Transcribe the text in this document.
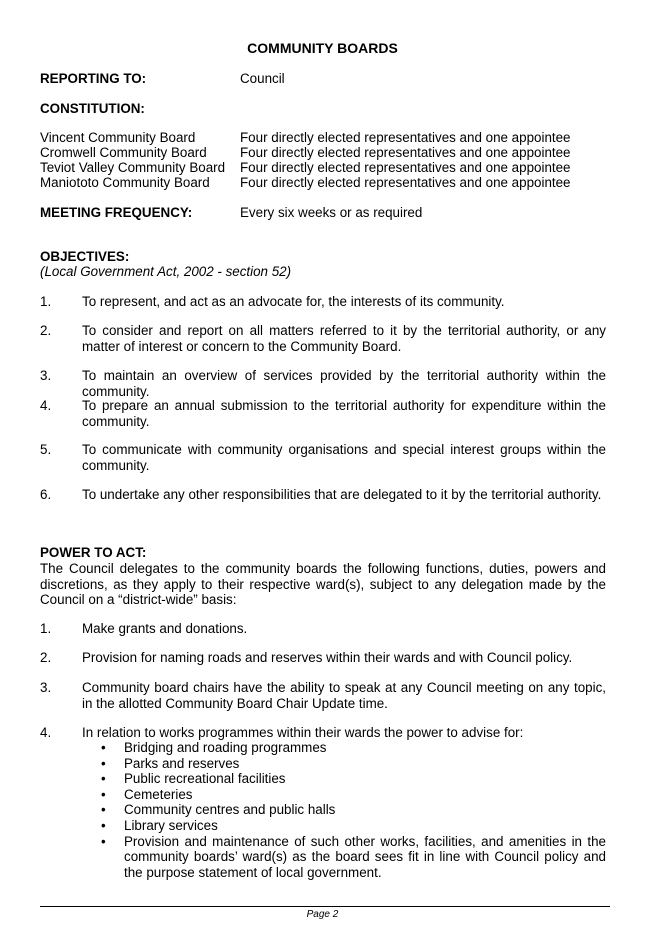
COMMUNITY BOARDS
REPORTING TO:	Council
CONSTITUTION:
Vincent Community Board	Four directly elected representatives and one appointee
Cromwell Community Board Four directly elected representatives and one appointee
Teviot Valley Community Board Four directly elected representatives and one appointee
Maniototo Community Board Four directly elected representatives and one appointee
MEETING FREQUENCY:	Every six weeks or as required
OBJECTIVES:
(Local Government Act, 2002 - section 52)
1. To represent, and act as an advocate for, the interests of its community.
2. To consider and report on all matters referred to it by the territorial authority, or any matter of interest or concern to the Community Board.
3. To maintain an overview of services provided by the territorial authority within the community.
4. To prepare an annual submission to the territorial authority for expenditure within the community.
5. To communicate with community organisations and special interest groups within the community.
6. To undertake any other responsibilities that are delegated to it by the territorial authority.
POWER TO ACT:
The Council delegates to the community boards the following functions, duties, powers and discretions, as they apply to their respective ward(s), subject to any delegation made by the Council on a “district-wide” basis:
1. Make grants and donations.
2. Provision for naming roads and reserves within their wards and with Council policy.
3. Community board chairs have the ability to speak at any Council meeting on any topic, in the allotted Community Board Chair Update time.
4. In relation to works programmes within their wards the power to advise for:
• Bridging and roading programmes
• Parks and reserves
• Public recreational facilities
• Cemeteries
• Community centres and public halls
• Library services
• Provision and maintenance of such other works, facilities, and amenities in the community boards’ ward(s) as the board sees fit in line with Council policy and the purpose statement of local government.
Page 2
